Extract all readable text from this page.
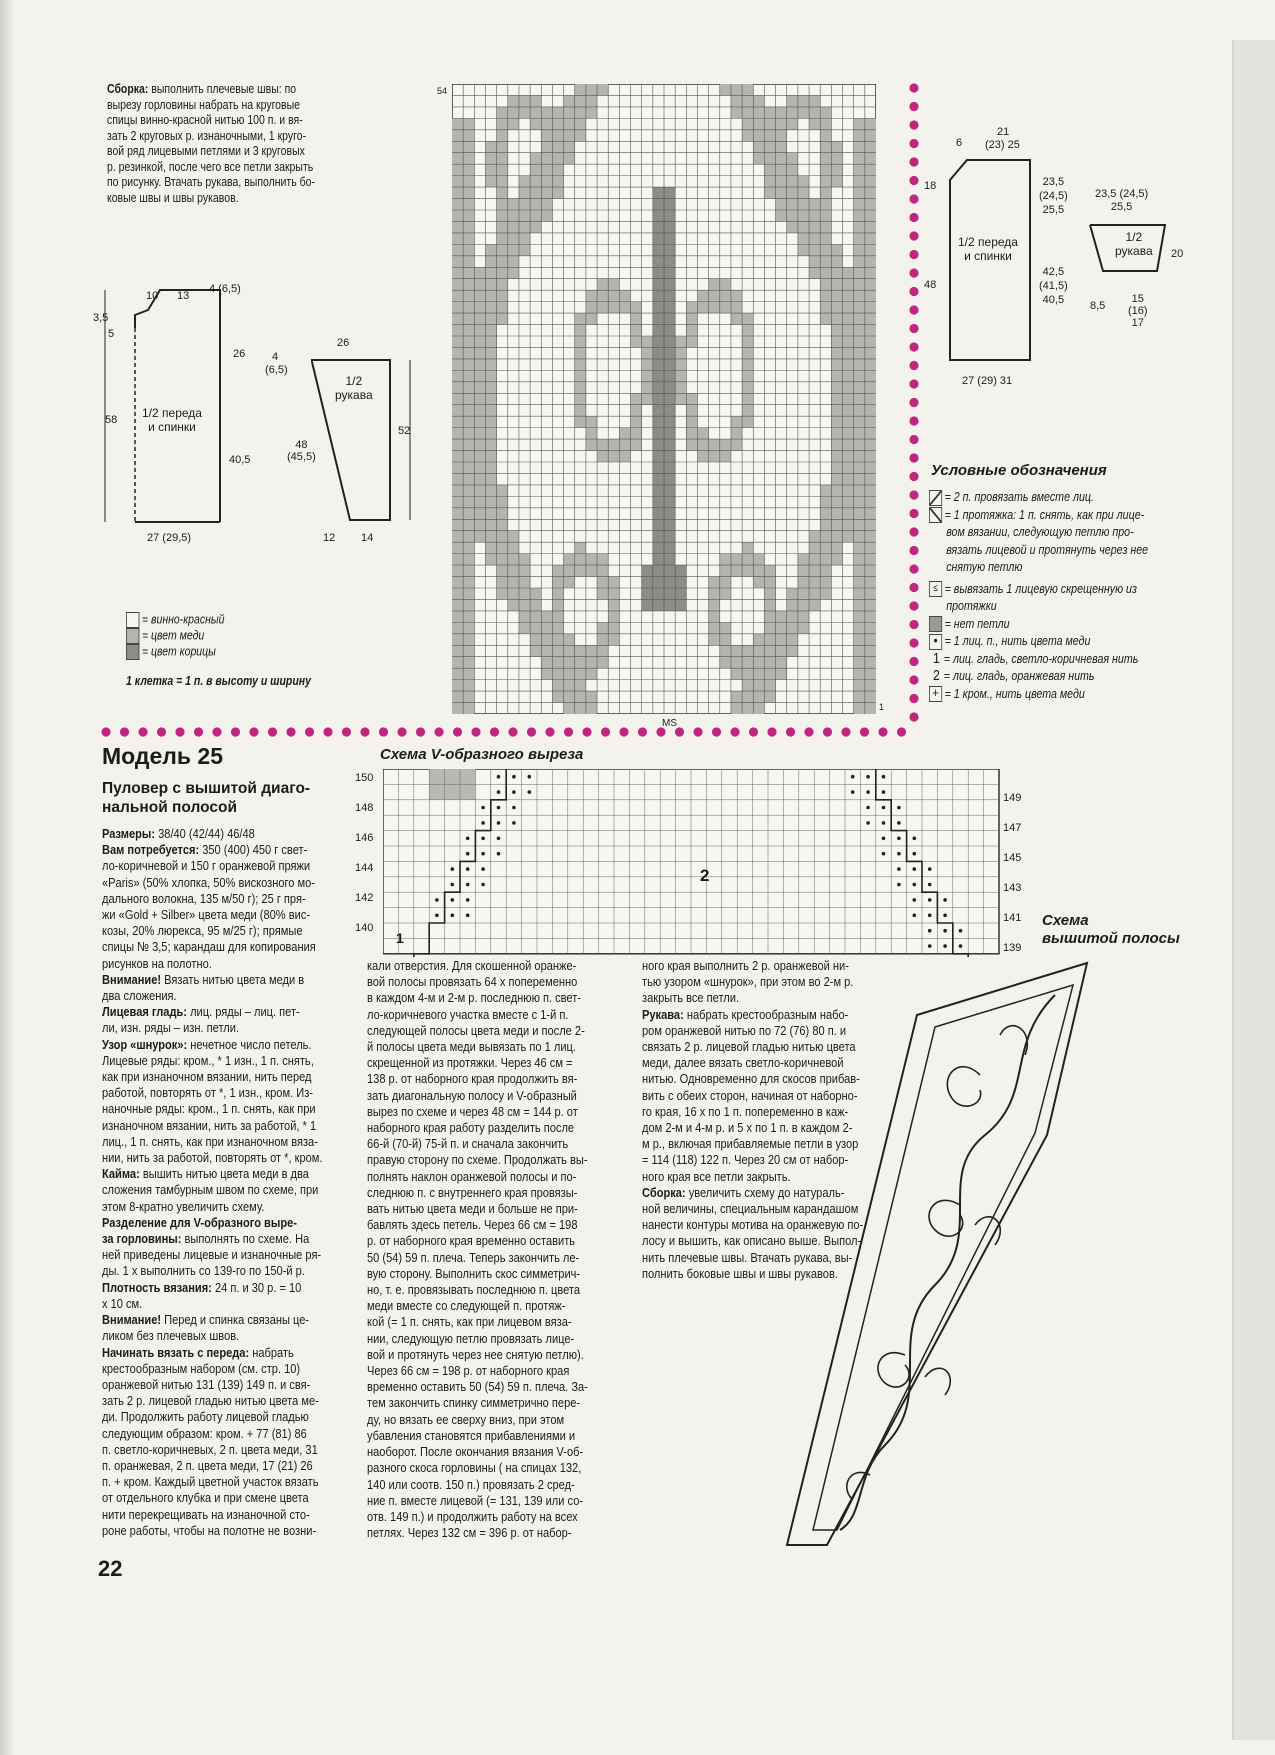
Сборка: выполнить плечевые швы: по
вырезу горловины набрать на круговые
спицы винно-красной нитью 100 п. и вя-
зать 2 круговых р. изнаночными, 1 круго-
вой ряд лицевыми петлями и 3 круговых
р. резинкой, после чего все петли закрыть
по рисунку. Втачать рукава, выполнить бо-
ковые швы и швы рукавов.
10 13
4 (6,5)
3,5
5
58
26
40,5
1/2 переда
и спинки
27 (29,5)
26
4
(6,5)
1/2
рукава
48
(45,5)
52
12 14
= винно-красный
= цвет меди
= цвет корицы
1 клетка = 1 п. в высоту и ширину
54
1
MS
6
21
(23) 25
18
48
1/2 переда
и спинки
23,5
(24,5)
25,5
42,5
(41,5)
40,5
27 (29) 31
23,5 (24,5)
25,5
1/2
рукава 20
8,5
15
(16)
17
Условные обозначения
= 2 п. провязать вместе лиц.
= 1 протяжка: 1 п. снять, как при лице-
вом вязании, следующую петлю про-
вязать лицевой и протянуть через нее
снятую петлю
≤ = вывязать 1 лицевую скрещенную из
протяжки
= нет петли
• = 1 лиц. п., нить цвета меди
1 = лиц. гладь, светло-коричневая нить
2 = лиц. гладь, оранжевая нить
+ = 1 кром., нить цвета меди
Модель 25
Пуловер с вышитой диаго-
нальной полосой
Схема V-образного выреза
150
148
146
144
142
140
2
1
149
147
145
143
141
139
Схема
вышитой полосы
Размеры: 38/40 (42/44) 46/48
Вам потребуется: 350 (400) 450 г свет-
ло-коричневой и 150 г оранжевой пряжи
«Paris» (50% хлопка, 50% вискозного мо-
дального волокна, 135 м/50 г); 25 г пря-
жи «Gold + Silber» цвета меди (80% вис-
козы, 20% люрекса, 95 м/25 г); прямые
спицы № 3,5; карандаш для копирования
рисунков на полотно.
Внимание! Вязать нитью цвета меди в
два сложения.
Лицевая гладь: лиц. ряды – лиц. пет-
ли, изн. ряды – изн. петли.
Узор «шнурок»: нечетное число петель.
Лицевые ряды: кром., * 1 изн., 1 п. снять,
как при изнаночном вязании, нить перед
работой, повторять от *, 1 изн., кром. Из-
наночные ряды: кром., 1 п. снять, как при
изнаночном вязании, нить за работой, * 1
лиц., 1 п. снять, как при изнаночном вяза-
нии, нить за работой, повторять от *, кром.
Кайма: вышить нитью цвета меди в два
сложения тамбурным швом по схеме, при
этом 8-кратно увеличить схему.
Разделение для V-образного выре-
за горловины: выполнять по схеме. На
ней приведены лицевые и изнаночные ря-
ды. 1 х выполнить со 139-го по 150-й р.
Плотность вязания: 24 п. и 30 р. = 10
х 10 см.
Внимание! Перед и спинка связаны це-
ликом без плечевых швов.
Начинать вязать с переда: набрать
крестообразным набором (см. стр. 10)
оранжевой нитью 131 (139) 149 п. и свя-
зать 2 р. лицевой гладью нитью цвета ме-
ди. Продолжить работу лицевой гладью
следующим образом: кром. + 77 (81) 86
п. светло-коричневых, 2 п. цвета меди, 31
п. оранжевая, 2 п. цвета меди, 17 (21) 26
п. + кром. Каждый цветной участок вязать
от отдельного клубка и при смене цвета
нити перекрещивать на изнаночной сто-
роне работы, чтобы на полотне не возни-
кали отверстия. Для скошенной оранже-
вой полосы провязать 64 х попеременно
в каждом 4-м и 2-м р. последнюю п. свет-
ло-коричневого участка вместе с 1-й п.
следующей полосы цвета меди и после 2-
й полосы цвета меди вывязать по 1 лиц.
скрещенной из протяжки. Через 46 см =
138 р. от наборного края продолжить вя-
зать диагональную полосу и V-образный
вырез по схеме и через 48 см = 144 р. от
наборного края работу разделить после
66-й (70-й) 75-й п. и сначала закончить
правую сторону по схеме. Продолжать вы-
полнять наклон оранжевой полосы и по-
следнюю п. с внутреннего края провязы-
вать нитью цвета меди и больше не при-
бавлять здесь петель. Через 66 см = 198
р. от наборного края временно оставить
50 (54) 59 п. плеча. Теперь закончить ле-
вую сторону. Выполнить скос симметрич-
но, т. е. провязывать последнюю п. цвета
меди вместе со следующей п. протяж-
кой (= 1 п. снять, как при лицевом вяза-
нии, следующую петлю провязать лице-
вой и протянуть через нее снятую петлю).
Через 66 см = 198 р. от наборного края
временно оставить 50 (54) 59 п. плеча. За-
тем закончить спинку симметрично пере-
ду, но вязать ее сверху вниз, при этом
убавления становятся прибавлениями и
наоборот. После окончания вязания V-об-
разного скоса горловины ( на спицах 132,
140 или соотв. 150 п.) провязать 2 сред-
ние п. вместе лицевой (= 131, 139 или со-
отв. 149 п.) и продолжить работу на всех
петлях. Через 132 см = 396 р. от набор-
ного края выполнить 2 р. оранжевой ни-
тью узором «шнурок», при этом во 2-м р.
закрыть все петли.
Рукава: набрать крестообразным набо-
ром оранжевой нитью по 72 (76) 80 п. и
связать 2 р. лицевой гладью нитью цвета
меди, далее вязать светло-коричневой
нитью. Одновременно для скосов прибав-
вить с обеих сторон, начиная от наборно-
го края, 16 х по 1 п. попеременно в каж-
дом 2-м и 4-м р. и 5 х по 1 п. в каждом 2-
м р., включая прибавляемые петли в узор
= 114 (118) 122 п. Через 20 см от набор-
ного края все петли закрыть.
Сборка: увеличить схему до натураль-
ной величины, специальным карандашом
нанести контуры мотива на оранжевую по-
лосу и вышить, как описано выше. Выпол-
нить плечевые швы. Втачать рукава, вы-
полнить боковые швы и швы рукавов.
22
